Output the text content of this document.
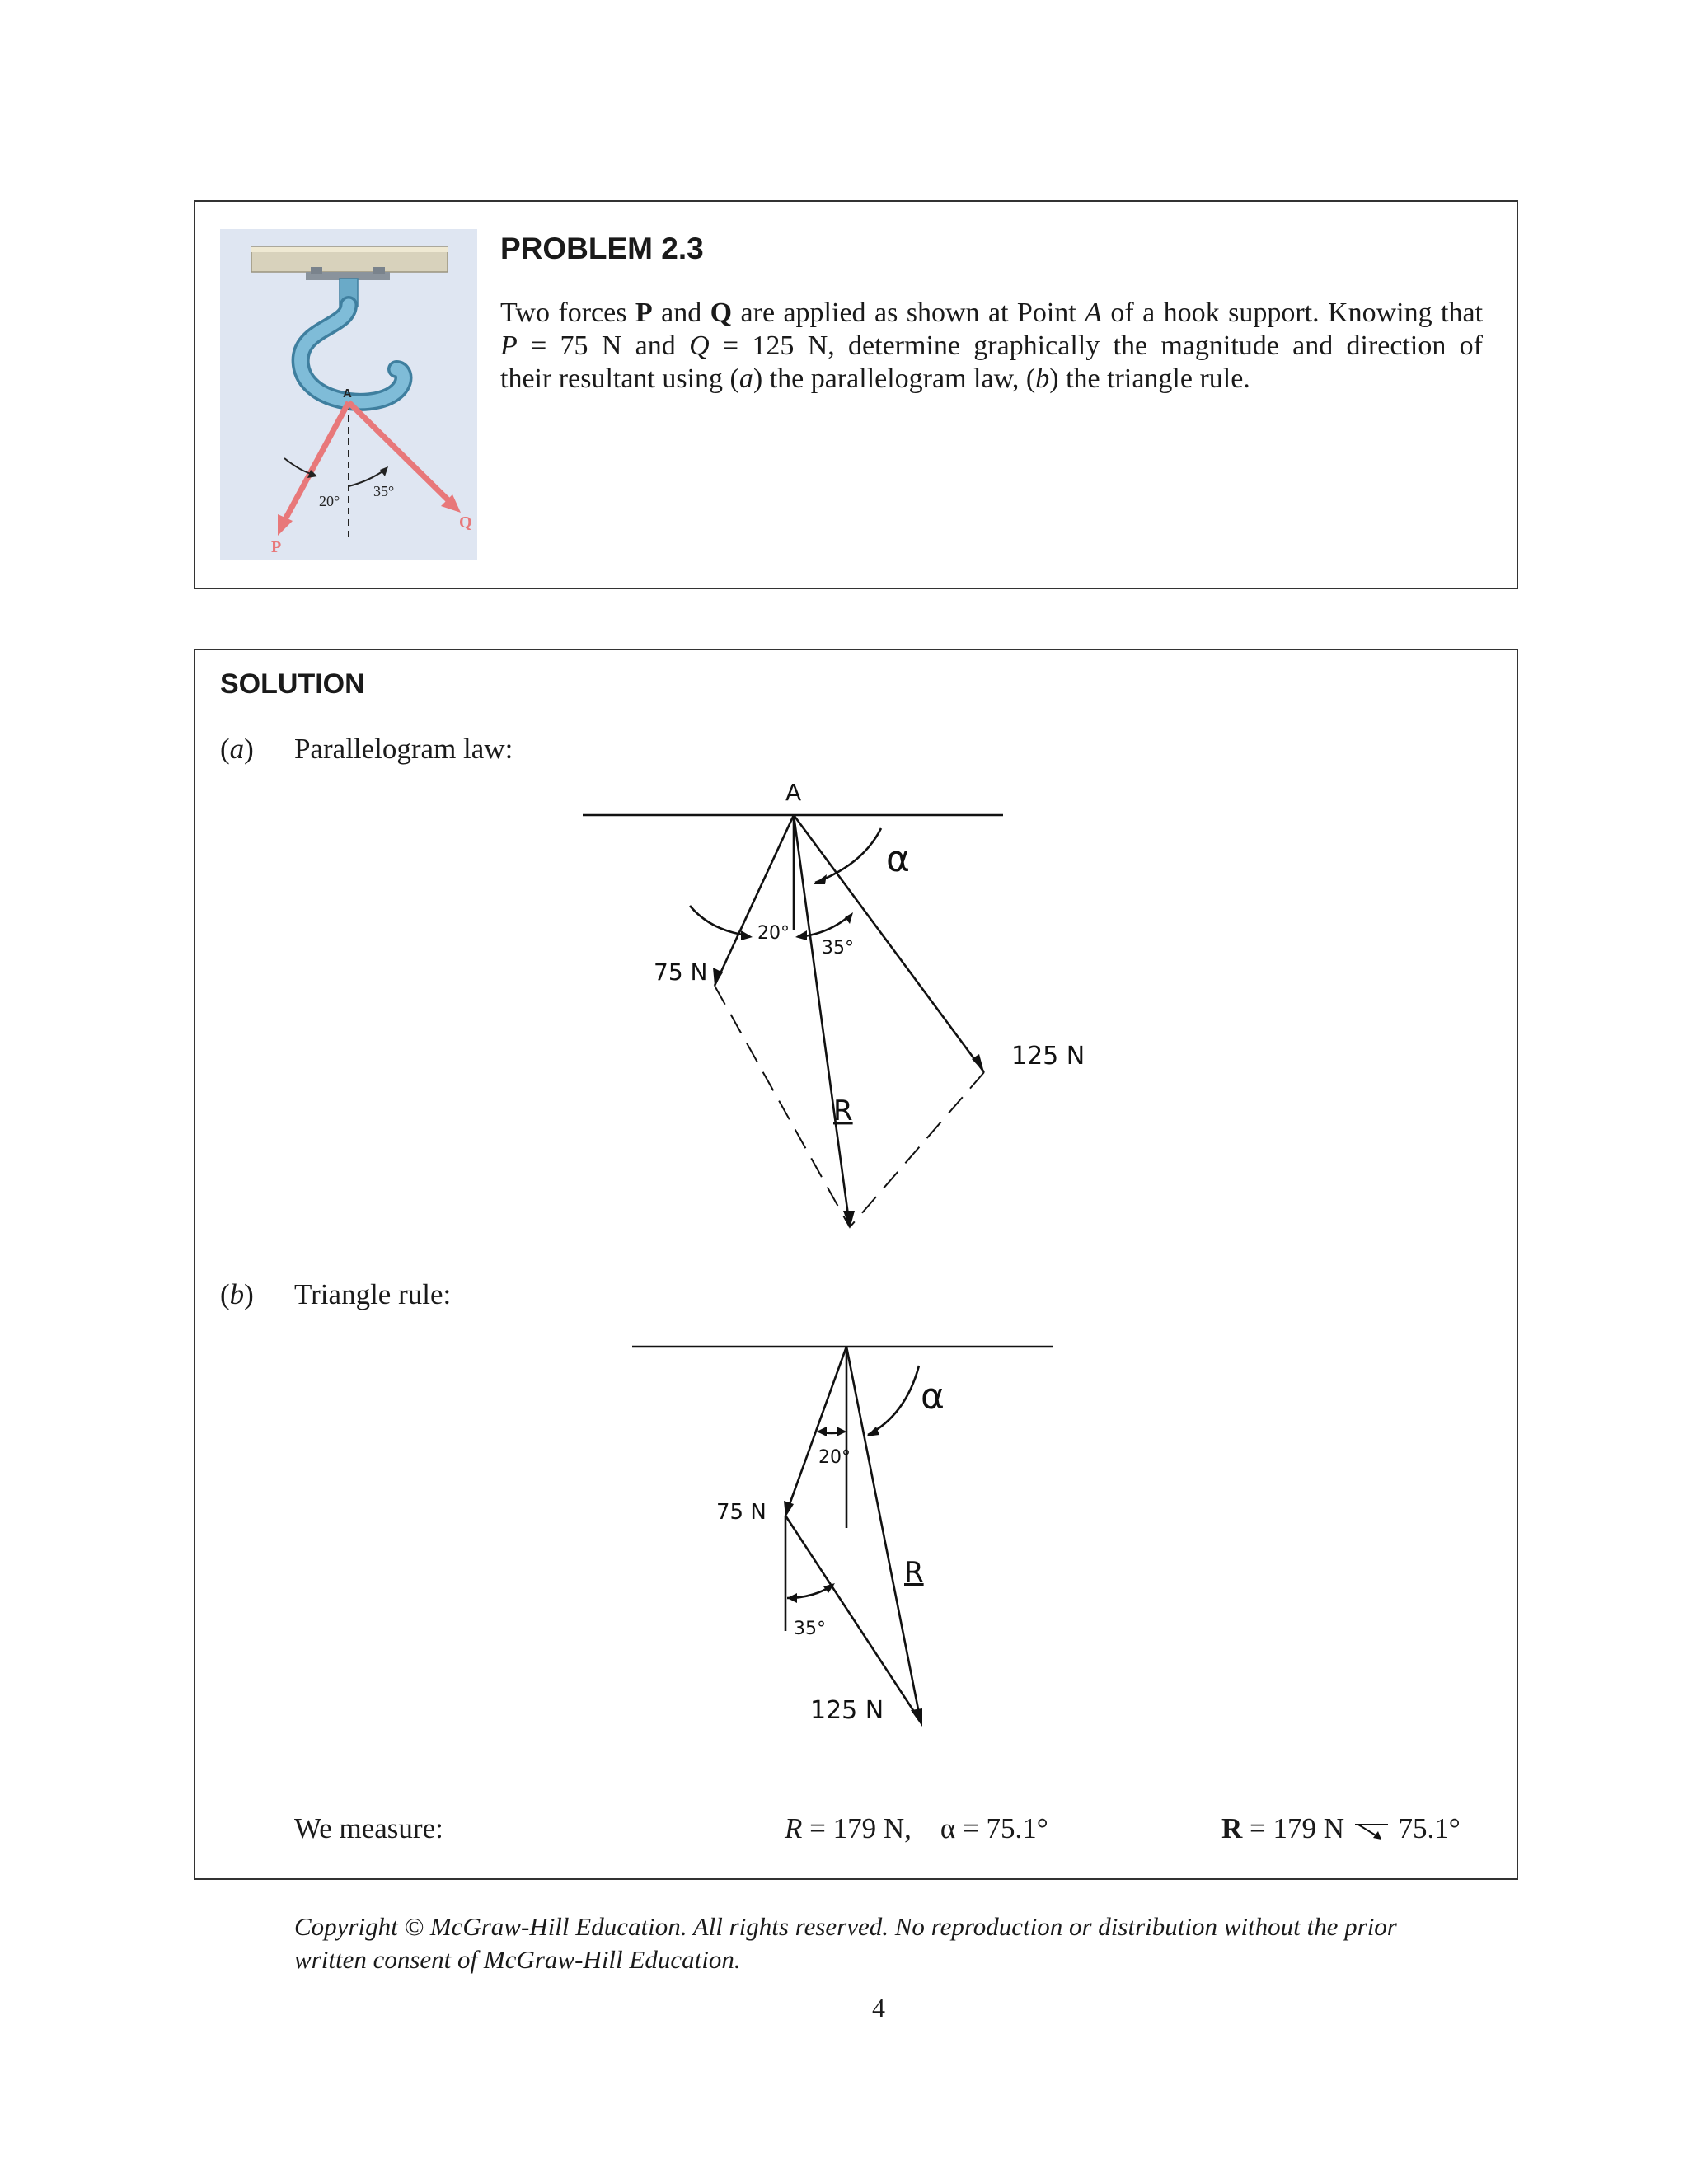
A
20°
35°
P
Q
PROBLEM 2.3

Two forces P and Q are applied as shown at Point A of a hook support. Knowing that

P = 75 N and Q = 125 N, determine graphically the magnitude and direction of

their resultant using (a) the parallelogram law, (b) the triangle rule.

SOLUTION
(a) Parallelogram law:
A
α
20°
35°
75 N
125 N
R
(b) Triangle rule:
α
20°
75 N
35°
R
125 N
We measure:	R = 179 N,    α = 75.1°	R = 179 N  75.1°
Copyright © McGraw-Hill Education. All rights reserved. No reproduction or distribution without the prior written consent of McGraw-Hill Education.
4
